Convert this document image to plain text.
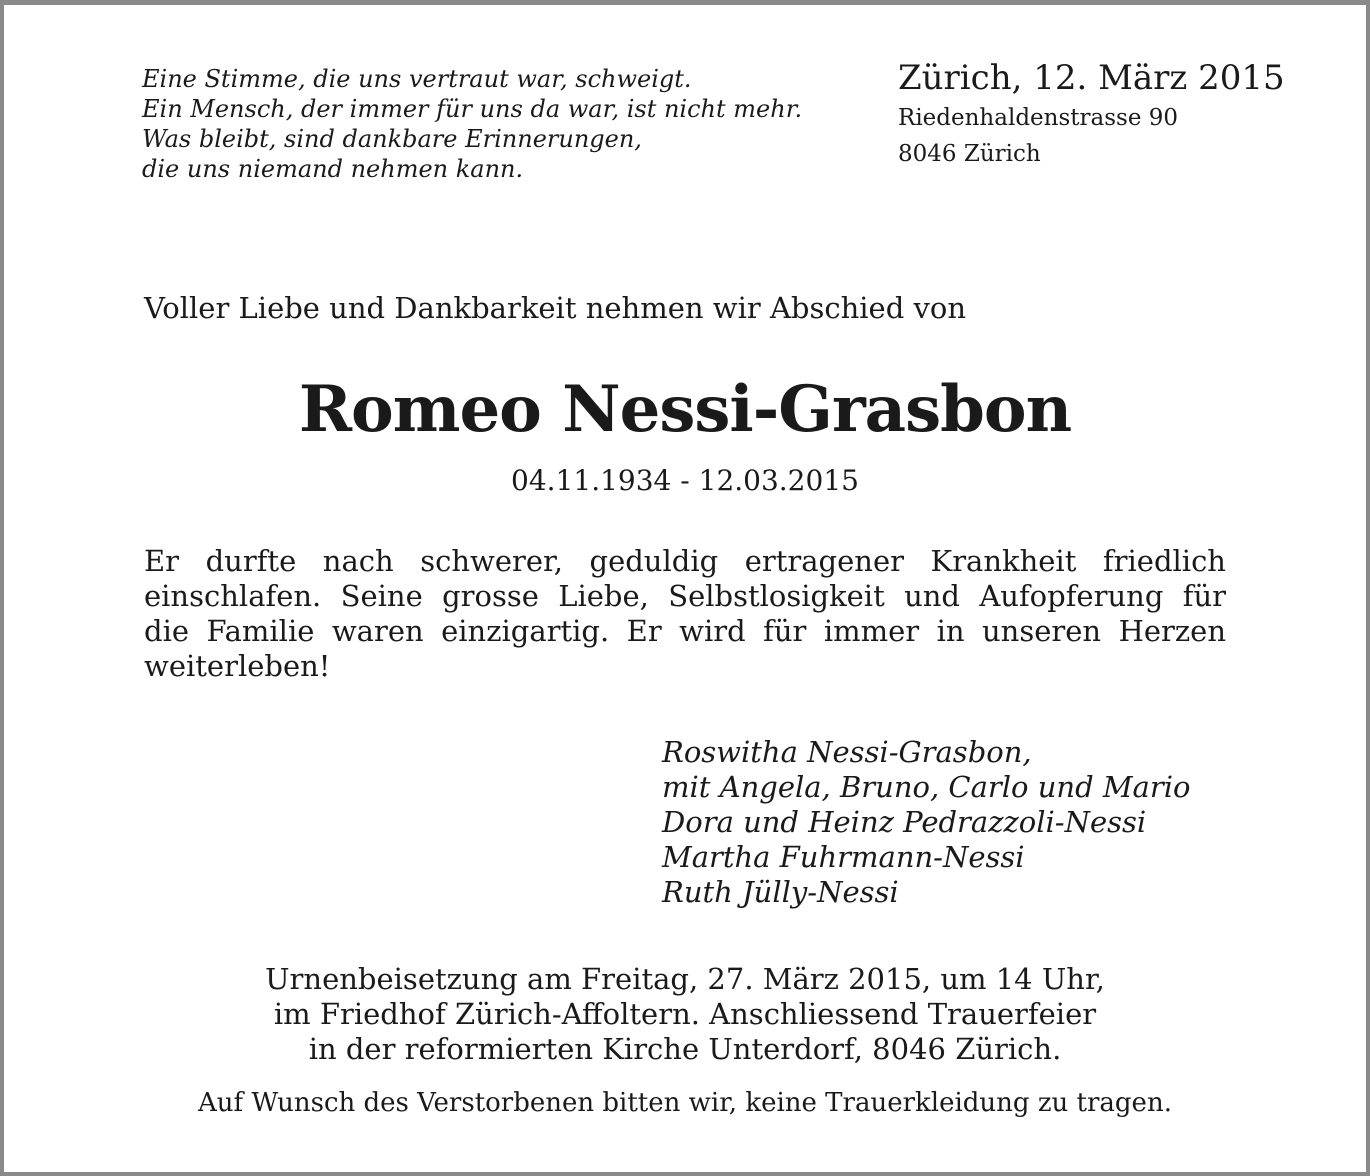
Eine Stimme, die uns vertraut war, schweigt.
Ein Mensch, der immer für uns da war, ist nicht mehr.
Was bleibt, sind dankbare Erinnerungen,
die uns niemand nehmen kann.
Zürich, 12. März 2015
Riedenhaldenstrasse 90
8046 Zürich
Voller Liebe und Dankbarkeit nehmen wir Abschied von
Romeo Nessi-Grasbon
04.11.1934 - 12.03.2015
Er durfte nach schwerer, geduldig ertragener Krankheit friedlich
einschlafen. Seine grosse Liebe, Selbstlosigkeit und Aufopferung für
die Familie waren einzigartig. Er wird für immer in unseren Herzen
weiterleben!
Roswitha Nessi-Grasbon,
mit Angela, Bruno, Carlo und Mario
Dora und Heinz Pedrazzoli-Nessi
Martha Fuhrmann-Nessi
Ruth Jülly-Nessi
Urnenbeisetzung am Freitag, 27. März 2015, um 14 Uhr,
im Friedhof Zürich-Affoltern. Anschliessend Trauerfeier
in der reformierten Kirche Unterdorf, 8046 Zürich.
Auf Wunsch des Verstorbenen bitten wir, keine Trauerkleidung zu tragen.
